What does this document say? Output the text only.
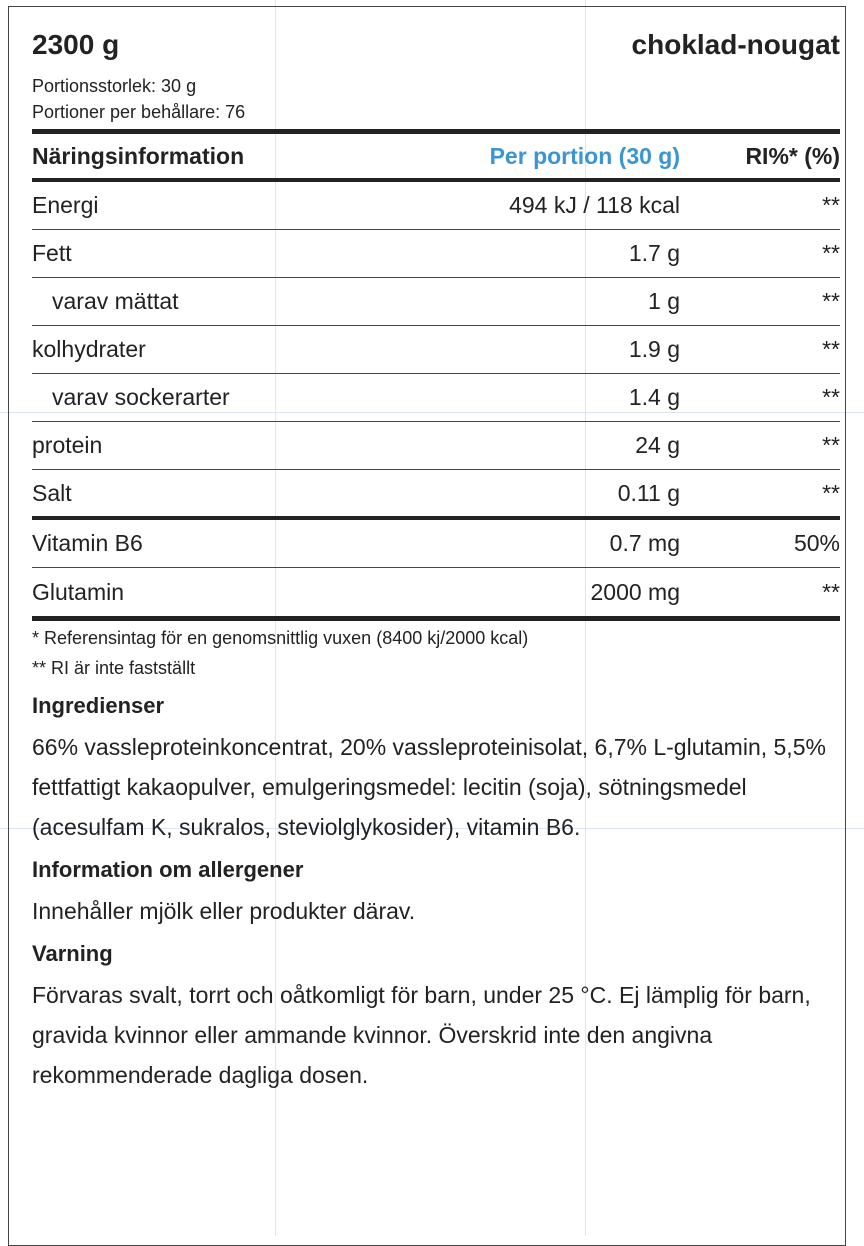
2300 g	choklad-nougat
Portionsstorlek: 30 g
Portioner per behållare: 76
Näringsinformation	Per portion (30 g)	RI%* (%)
Energi	494 kJ / 118 kcal	**
Fett	1.7 g	**
varav mättat	1 g	**
kolhydrater	1.9 g	**
varav sockerarter	1.4 g	**
protein	24 g	**
Salt	0.11 g	**
Vitamin B6	0.7 mg	50%
Glutamin	2000 mg	**
* Referensintag för en genomsnittlig vuxen (8400 kj/2000 kcal)
** RI är inte fastställt
Ingredienser
66% vassleproteinkoncentrat, 20% vassleproteinisolat, 6,7% L-glutamin, 5,5% fettfattigt kakaopulver, emulgeringsmedel: lecitin (soja), sötningsmedel (acesulfam K, sukralos, steviolglykosider), vitamin B6.
Information om allergener
Innehåller mjölk eller produkter därav.
Varning
Förvaras svalt, torrt och oåtkomligt för barn, under 25 °C. Ej lämplig för barn, gravida kvinnor eller ammande kvinnor. Överskrid inte den angivna rekommenderade dagliga dosen.
